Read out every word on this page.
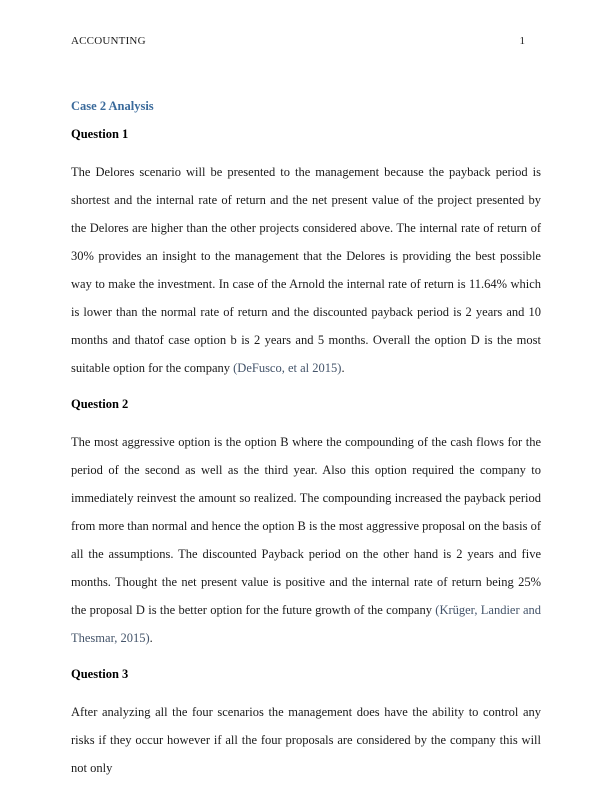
ACCOUNTING	1
Case 2 Analysis
Question 1

The Delores scenario will be presented to the management because the payback period is shortest and the internal rate of return and the net present value of the project presented by the Delores are higher than the other projects considered above. The internal rate of return of 30% provides an insight to the management that the Delores is providing the best possible way to make the investment. In case of the Arnold the internal rate of return is 11.64% which is lower than the normal rate of return and the discounted payback period is 2 years and 10 months and thatof case option b is 2 years and 5 months. Overall the option D is the most suitable option for the company (DeFusco, et al 2015).

Question 2

The most aggressive option is the option B where the compounding of the cash flows for the period of the second as well as the third year. Also this option required the company to immediately reinvest the amount so realized. The compounding increased the payback period from more than normal and hence the option B is the most aggressive proposal on the basis of all the assumptions. The discounted Payback period on the other hand is 2 years and five months. Thought the net present value is positive and the internal rate of return being 25% the proposal D is the better option for the future growth of the company (Krüger, Landier and Thesmar, 2015).

Question 3

After analyzing all the four scenarios the management does have the ability to control any risks if they occur however if all the four proposals are considered by the company this will not only
